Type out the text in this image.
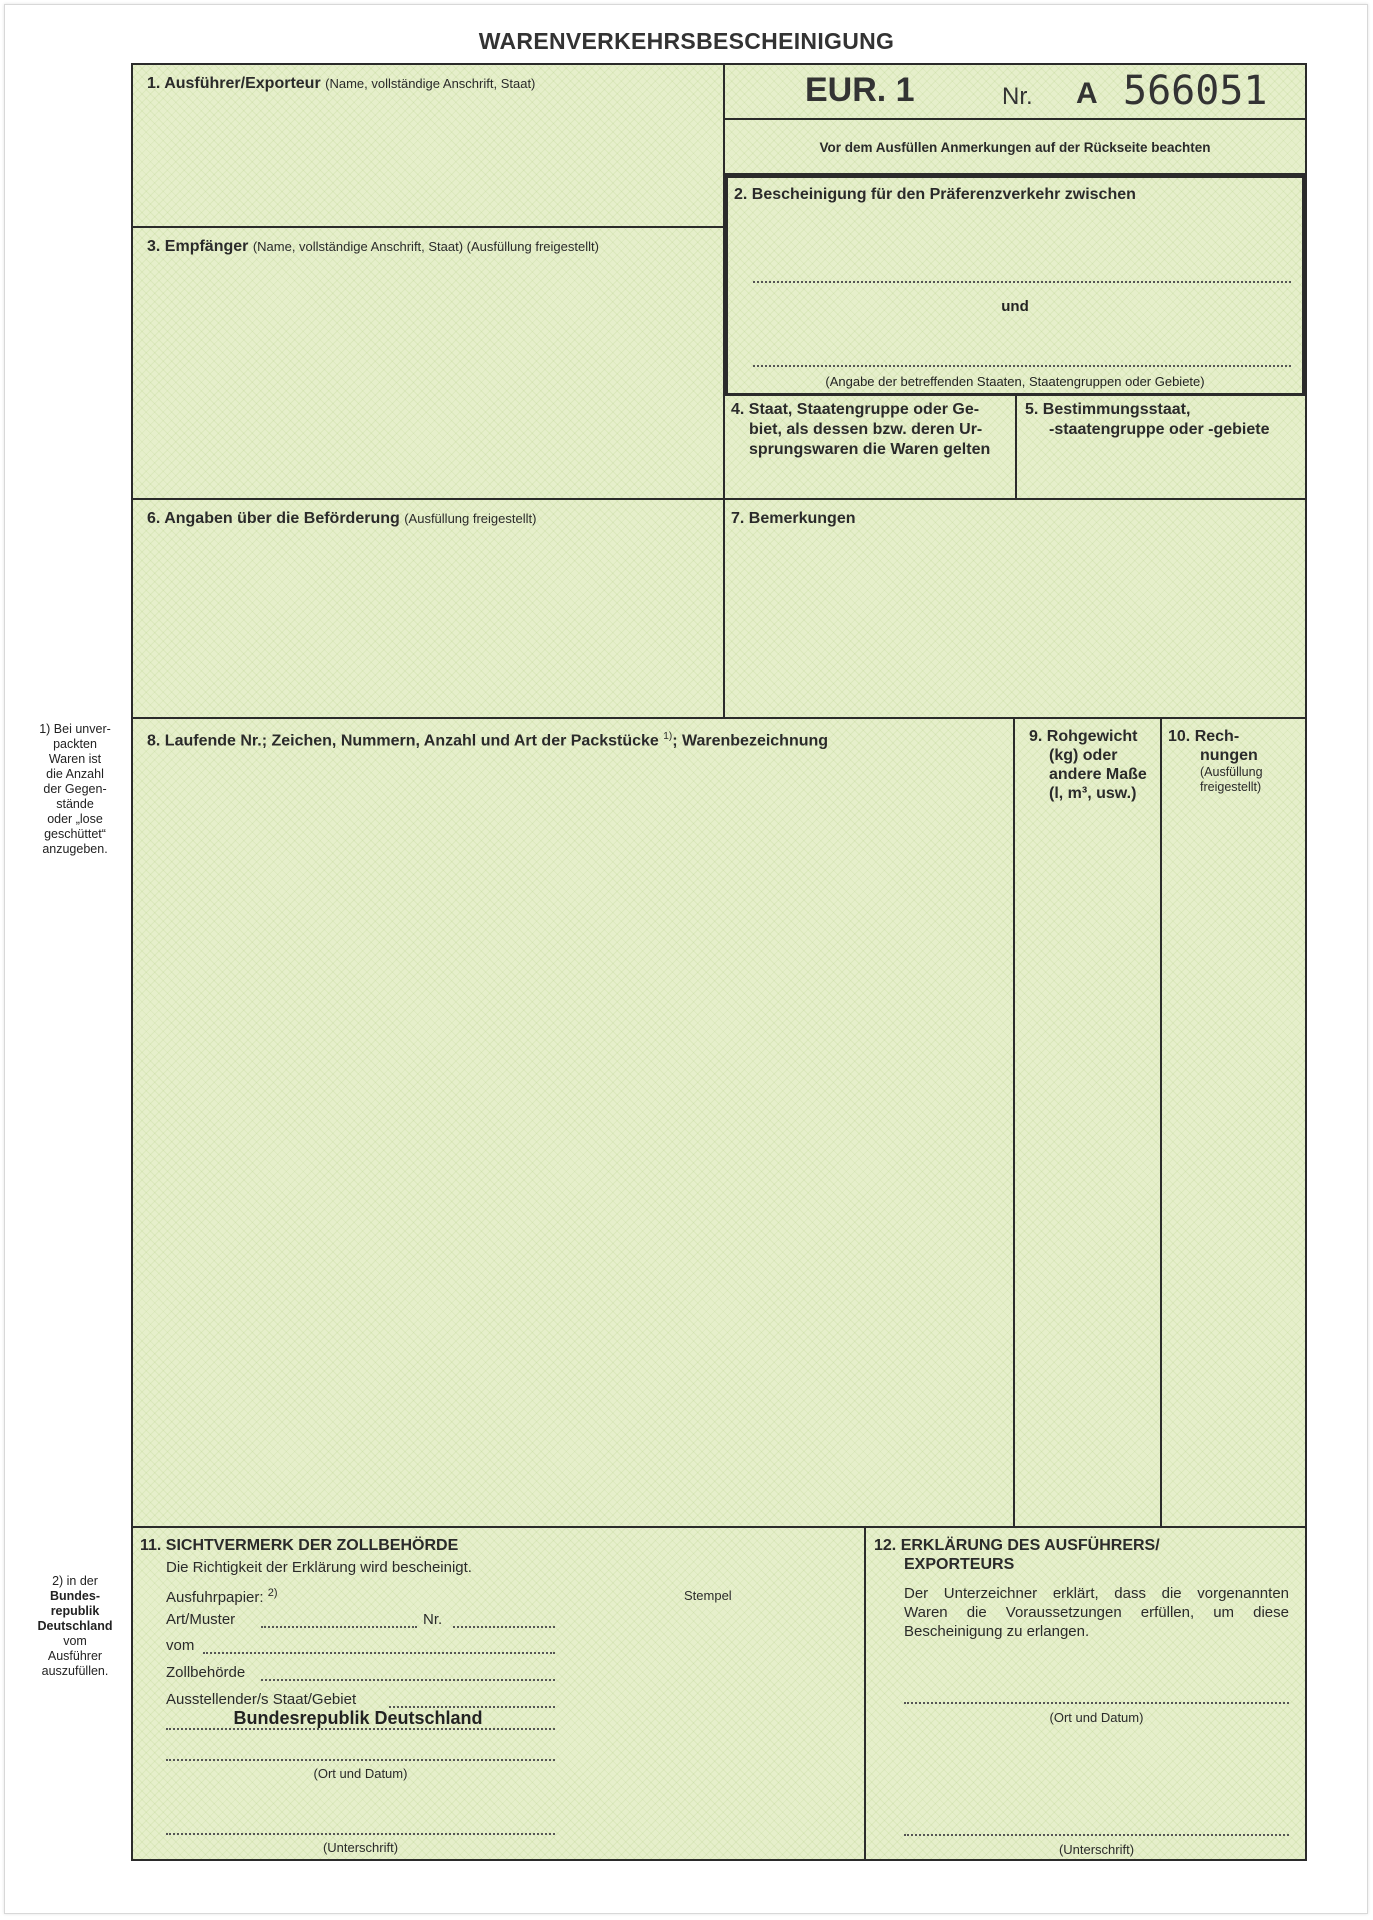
WARENVERKEHRSBESCHEINIGUNG
1) Bei unver-
packten
Waren ist
die Anzahl
der Gegen-
stände
oder „lose
geschüttet“
anzugeben.
2) in der
Bundes-
republik
Deutschland
vom
Ausführer
auszufüllen.
1. Ausführer/Exporteur (Name, vollständige Anschrift, Staat)	EUR. 1	Nr. A 566051
Vor dem Ausfüllen Anmerkungen auf der Rückseite beachten
2. Bescheinigung für den Präferenzverkehr zwischen
und
(Angabe der betreffenden Staaten, Staatengruppen oder Gebiete)
3. Empfänger (Name, vollständige Anschrift, Staat) (Ausfüllung freigestellt)
4. Staat, Staatengruppe oder Ge-
biet, als dessen bzw. deren Ur-
sprungswaren die Waren gelten
5. Bestimmungsstaat,
-staatengruppe oder -gebiete
6. Angaben über die Beförderung (Ausfüllung freigestellt)	7. Bemerkungen
8. Laufende Nr.; Zeichen, Nummern, Anzahl und Art der Packstücke $^{1)}$; Warenbezeichnung	9. Rohgewicht
(kg) oder
andere Maße
(l, m³, usw.)
10. Rech-
nungen
(Ausfüllung
freigestellt)
11. SICHTVERMERK DER ZOLLBEHÖRDE
Die Richtigkeit der Erklärung wird bescheinigt.
Ausfuhrpapier: $^{2)}$	Stempel
Art/Muster	Nr.
vom
Zollbehörde
Ausstellender/s Staat/Gebiet
Bundesrepublik Deutschland
(Ort und Datum)
(Unterschrift)
12. ERKLÄRUNG DES AUSFÜHRERS/
EXPORTEURS
Der Unterzeichner erklärt, dass die vorgenannten
Waren die Voraussetzungen erfüllen, um diese
Bescheinigung zu erlangen.
(Ort und Datum)
(Unterschrift)
